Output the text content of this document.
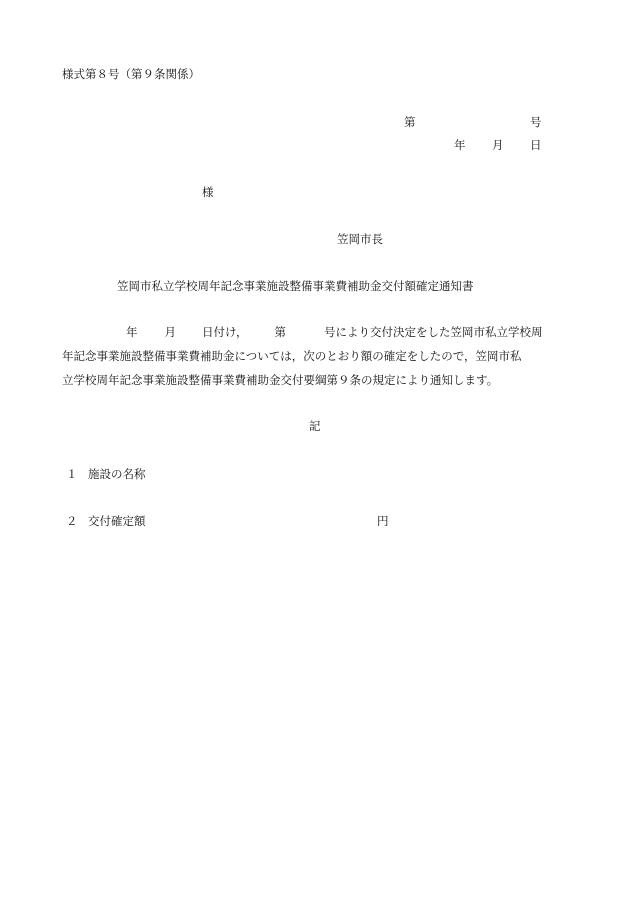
様式第８号（第９条関係）
第	号
年 月 日
様
笠岡市長
笠岡市私立学校周年記念事業施設整備事業費補助金交付額確定通知書
年 月 日付け， 第	号により交付決定をした笠岡市私立学校周
年記念事業施設整備事業費補助金については，次のとおり額の確定をしたので，笠岡市私
立学校周年記念事業施設整備事業費補助金交付要綱第９条の規定により通知します。
記
１ 施設の名称
２ 交付確定額	円
